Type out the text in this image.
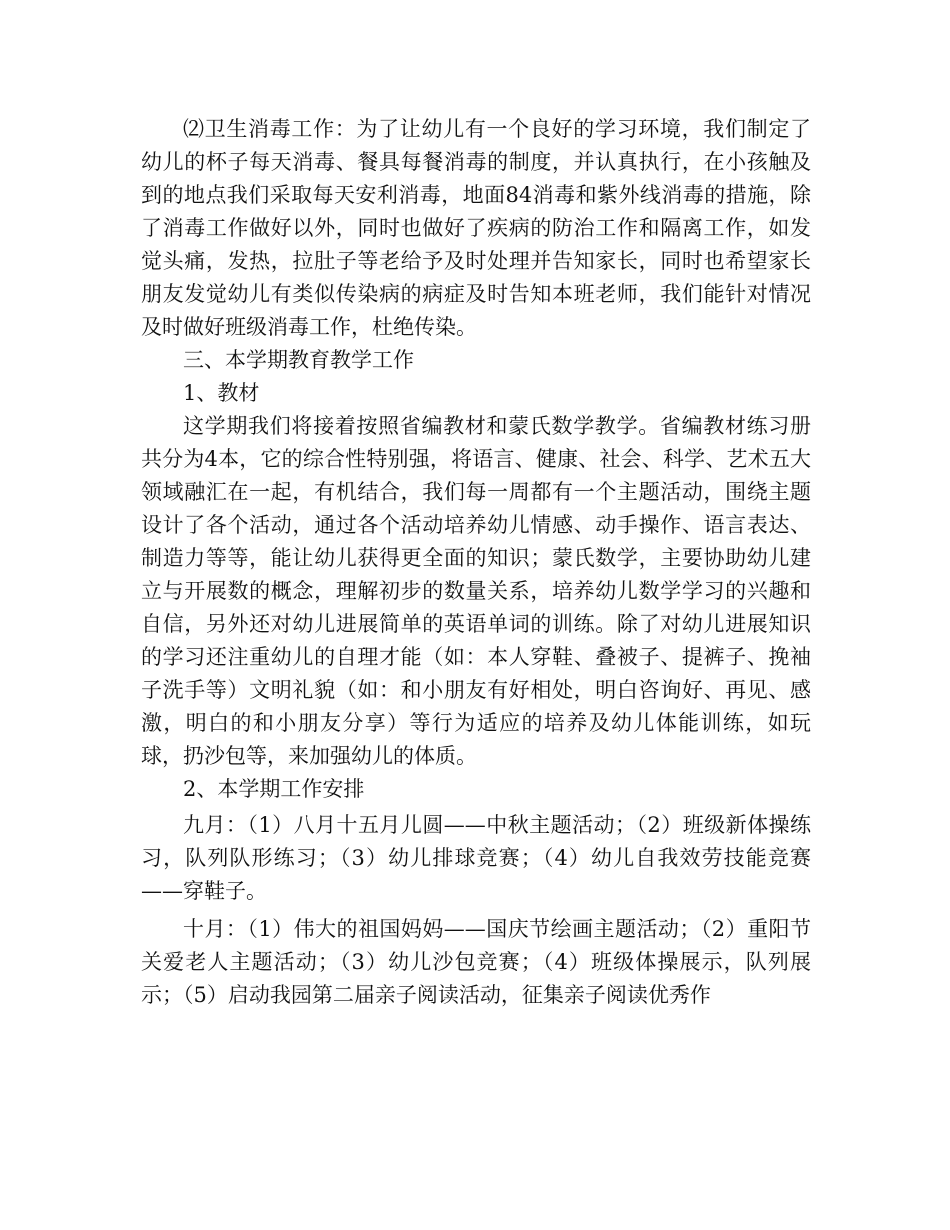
⑵卫生消毒工作：为了让幼儿有一个良好的学习环境，我们制定了幼儿的杯子每天消毒、餐具每餐消毒的制度，并认真执行，在小孩触及到的地点我们采取每天安利消毒，地面84消毒和紫外线消毒的措施，除了消毒工作做好以外，同时也做好了疾病的防治工作和隔离工作，如发觉头痛，发热，拉肚子等老给予及时处理并告知家长，同时也希望家长朋友发觉幼儿有类似传染病的病症及时告知本班老师，我们能针对情况及时做好班级消毒工作，杜绝传染。

三、本学期教育教学工作

1、教材

这学期我们将接着按照省编教材和蒙氏数学教学。省编教材练习册共分为4本，它的综合性特别强，将语言、健康、社会、科学、艺术五大领域融汇在一起，有机结合，我们每一周都有一个主题活动，围绕主题设计了各个活动，通过各个活动培养幼儿情感、动手操作、语言表达、制造力等等，能让幼儿获得更全面的知识；蒙氏数学，主要协助幼儿建立与开展数的概念，理解初步的数量关系，培养幼儿数学学习的兴趣和自信，另外还对幼儿进展简单的英语单词的训练。除了对幼儿进展知识的学习还注重幼儿的自理才能（如：本人穿鞋、叠被子、提裤子、挽袖子洗手等）文明礼貌（如：和小朋友有好相处，明白咨询好、再见、感激，明白的和小朋友分享）等行为适应的培养及幼儿体能训练，如玩球，扔沙包等，来加强幼儿的体质。

2、本学期工作安排

九月：（1）八月十五月儿圆——中秋主题活动；（2）班级新体操练习，队列队形练习；（3）幼儿排球竞赛；（4）幼儿自我效劳技能竞赛——穿鞋子。

十月：（1）伟大的祖国妈妈——国庆节绘画主题活动；（2）重阳节关爱老人主题活动；（3）幼儿沙包竞赛；（4）班级体操展示，队列展示；（5）启动我园第二届亲子阅读活动，征集亲子阅读优秀作
